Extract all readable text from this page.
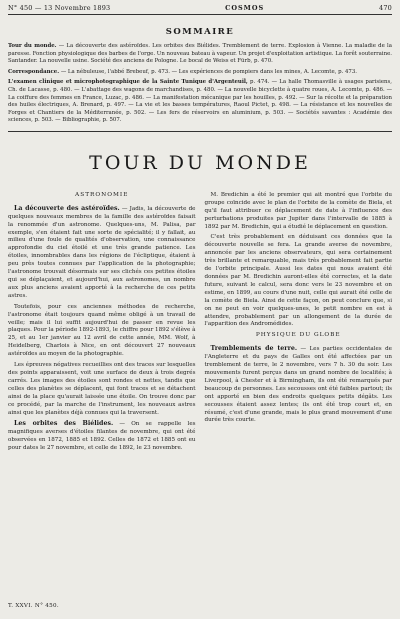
N° 450 — 13 Novembre 1893	COSMOS	470
SOMMAIRE
Tour du monde. — La découverte des astéroïdes. Les orbites des Biélides. Tremblement de terre. Explosion à Vienne. La maladie de la paresse. Fonction physiologique des barbes de l'orge. Un nouveau bateau à vapeur. Un projet d'exploitation artistique. La forêt souterraine. Santander. La nouvelle usine. Société des anciens de Pologne. Le bocal de Weiss et Fürb, p. 470.
Correspondance. — La nébuleuse, l'abbé Brebeuf, p. 473. — Les expériences de pompiers dans les mines, A. Lecomte, p. 473.
L'examen clinique et microphotographique de la Sainte Tunique d'Argenteuil, p. 474. — La halle Thomasville à usages parisiens, Ch. de Lacasse, p. 480. — L'abattage des wagons de marchandises, p. 480. — La nouvelle bicyclette à quatre roues, A. Lecomte, p. 486. — La coiffure des femmes en France, Luzac, p. 486. — La manifestation mécanique par les houilles, p. 492. — Sur la récolte et la préparation des huiles électriques, A. Brenard, p. 497. — La vie et les basses températures, Raoul Pictet, p. 498. — La résistance et les nouvelles de Forges et Chantiers de la Méditerranée, p. 502. — Les fers de réservoirs en aluminium, p. 503. — Sociétés savantes : Académie des sciences, p. 503. — Bibliographie, p. 507.
TOUR DU MONDE
ASTRONOMIE

La découverte des astéroïdes. — Jadis, la découverte de quelques nouveaux membres de la famille des astéroïdes faisait la renommée d'un astronome. Quelques-uns, M. Palisa, par exemple, s'en étaient fait une sorte de spécialité; il y fallait, au milieu d'une foule de qualités d'observation, une connaissance approfondie du ciel étoilé et une très grande patience. Les étoiles, innombrables dans les régions de l'écliptique, étaient à peu près toutes connues par l'application de la photographie; l'astronome trouvait désormais sur ses clichés ces petites étoiles qui se déplaçaient, et aujourd'hui, aux astronomes, un nombre aux plus anciens avaient apporté à la recherche de ces petits astres.

Toutefois, pour ces anciennes méthodes de recherche, l'astronome était toujours quand même obligé à un travail de veille; mais il lui suffit aujourd'hui de passer en revue les plaques. Pour la période 1892-1893, le chiffre pour 1892 s'élève à 25, et au 1er janvier au 12 avril de cette année, MM. Wolf, à Heidelberg, Charlois à Nice, en ont découvert 27 nouveaux astéroïdes au moyen de la photographie.

Les épreuves négatives recueillies ont des traces sur lesquelles des points apparaissent, voit une surface de deux à trois degrés carrés. Les images des étoiles sont rondes et nettes, tandis que celles des planètes se déplacent, qui font traces et se détachent ainsi de la place qu'aurait laissée une étoile. On trouve donc par ce procédé, par la marche de l'instrument, les nouveaux astres ainsi que les planètes déjà connues qui la traversent.

Les orbites des Biélides. — On se rappelle les magnifiques averses d'étoiles filantes de novembre, qui ont été observées en 1872, 1885 et 1892. Celles de 1872 et 1885 ont eu pour dates le 27 novembre, et celle de 1892, le 23 novembre.

M. Bredichin a été le premier qui ait montré que l'orbite du groupe coïncide avec le plan de l'orbite de la comète de Biela, et qu'il faut attribuer ce déplacement de date à l'influence des perturbations produites par Jupiter dans l'intervalle de 1885 à 1892 par M. Bredichin, qui a étudié le déplacement en question.

C'est très probablement en déduisant ces données que la découverte nouvelle se fera. La grande averse de novembre, annoncée par les anciens observateurs, qui sera certainement très brillante et remarquable, mais très probablement fait partie de l'orbite principale. Aussi les dates qui nous avaient été données par M. Bredichin auront-elles été correctes, et la date future, suivant le calcul, sera donc vers le 23 novembre et on estime, en 1899, au cours d'une nuit, celle qui aurait été celle de la comète de Biela. Ainsi de cette façon, on peut conclure que, si on ne peut en voir quelques-unes, le petit nombre en est à attendre, probablement par un allongement de la durée de l'apparition des Andromédides.

PHYSIQUE DU GLOBE

Tremblements de terre. — Les parties occidentales de l'Angleterre et du pays de Galles ont été affectées par un tremblement de terre, le 2 novembre, vers 7 h. 30 du soir. Les mouvements furent perçus dans un grand nombre de localités; à Liverpool, à Chester et à Birmingham, ils ont été remarqués par beaucoup de personnes. Les secousses ont été faibles partout; ils ont apporté en bien des endroits quelques petits dégâts. Les secousses étaient assez lentes; ils ont été trop court et, en résumé, c'est d'une grande, mais le plus grand mouvement d'une durée très courte.

T. XXVI. N° 450.
